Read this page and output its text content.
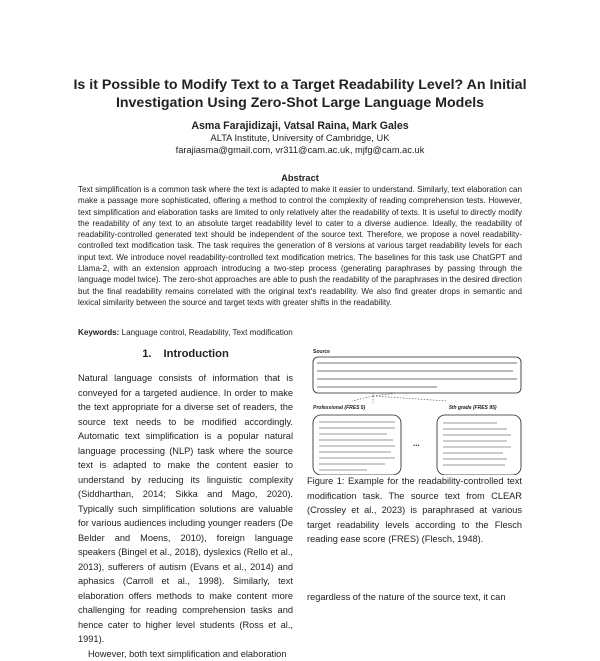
Is it Possible to Modify Text to a Target Readability Level? An Initial Investigation Using Zero-Shot Large Language Models
Asma Farajidizaji, Vatsal Raina, Mark Gales
ALTA Institute, University of Cambridge, UK
farajiasma@gmail.com, vr311@cam.ac.uk, mjfg@cam.ac.uk
Abstract
Text simplification is a common task where the text is adapted to make it easier to understand. Similarly, text elaboration can make a passage more sophisticated, offering a method to control the complexity of reading comprehension tests. However, text simplification and elaboration tasks are limited to only relatively alter the readability of texts. It is useful to directly modify the readability of any text to an absolute target readability level to cater to a diverse audience. Ideally, the readability of readability-controlled generated text should be independent of the source text. Therefore, we propose a novel readability-controlled text modification task. The task requires the generation of 8 versions at various target readability levels for each input text. We introduce novel readability-controlled text modification metrics. The baselines for this task use ChatGPT and Llama-2, with an extension approach introducing a two-step process (generating paraphrases by passing through the language model twice). The zero-shot approaches are able to push the readability of the paraphrases in the desired direction but the final readability remains correlated with the original text's readability. We also find greater drops in semantic and lexical similarity between the source and target texts with greater shifts in the readability.
Keywords: Language control, Readability, Text modification
1. Introduction

Natural language consists of information that is conveyed for a targeted audience. In order to make the text appropriate for a diverse set of readers, the source text needs to be modified accordingly. Automatic text simplification is a popular natural language processing (NLP) task where the source text is adapted to make the content easier to understand by reducing its linguistic complexity (Siddharthan, 2014; Sikka and Mago, 2020). Typically such simplification solutions are valuable for various audiences including younger readers (De Belder and Moens, 2010), foreign language speakers (Bingel et al., 2018), dyslexics (Rello et al., 2013), sufferers of autism (Evans et al., 2014) and aphasics (Carroll et al., 1998). Similarly, text elaboration offers methods to make content more challenging for reading comprehension tasks and hence cater to higher level students (Ross et al., 1991).

However, both text simplification and elaboration

Source
Professional (FRES 5)	5th grade (FRES 95)
...
Figure 1: Example for the readability-controlled text modification task. The source text from CLEAR (Crossley et al., 2023) is paraphrased at various target readability levels according to the Flesch reading ease score (FRES) (Flesch, 1948).
regardless of the nature of the source text, it can
